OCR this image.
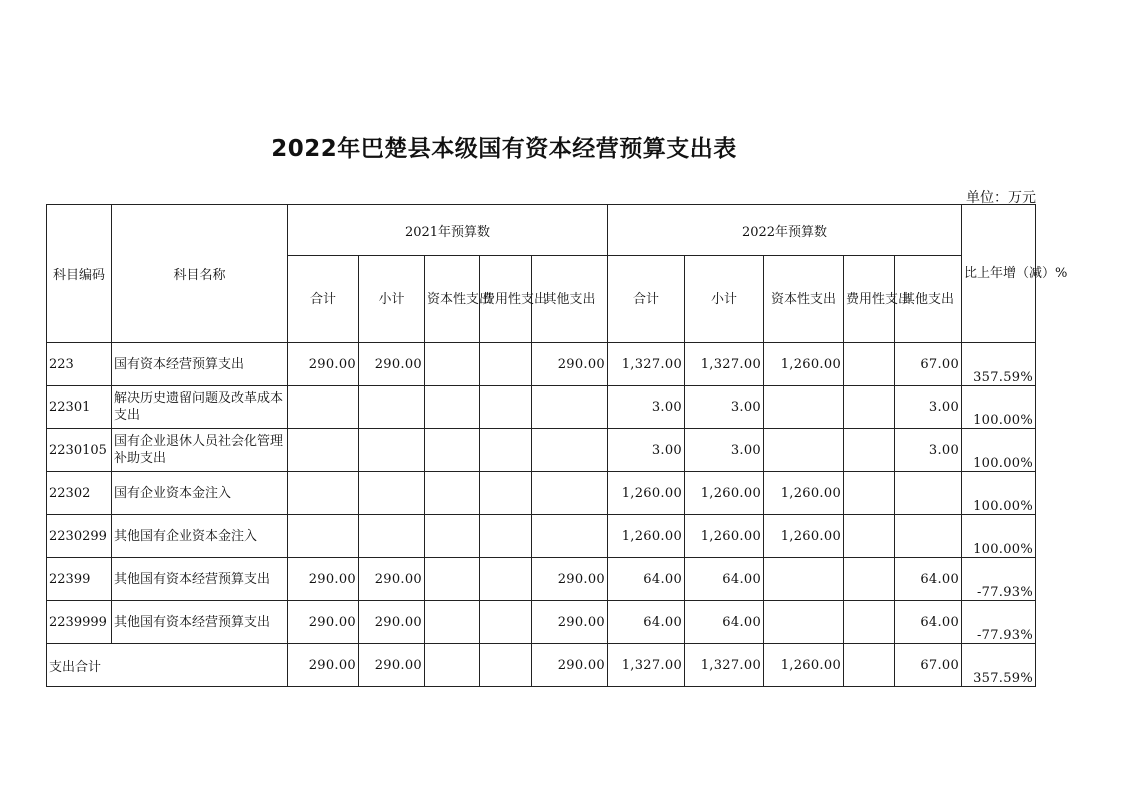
2022年巴楚县本级国有资本经营预算支出表
单位：万元
科目编码	科目名称	2021年预算数					2022年预算数					比上年增（减）%
		合计	小计	资本性支出	费用性支出	其他支出	合计	小计	资本性支出	费用性支出	其他支出	
223	国有资本经营预算支出	290.00	290.00			290.00	1,327.00	1,327.00	1,260.00		67.00	357.59%
22301	解决历史遗留问题及改革成本支出						3.00	3.00			3.00	100.00%
2230105	国有企业退休人员社会化管理补助支出						3.00	3.00			3.00	100.00%
22302	国有企业资本金注入						1,260.00	1,260.00	1,260.00			100.00%
2230299	其他国有企业资本金注入						1,260.00	1,260.00	1,260.00			100.00%
22399	其他国有资本经营预算支出	290.00	290.00			290.00	64.00	64.00			64.00	-77.93%
2239999	其他国有资本经营预算支出	290.00	290.00			290.00	64.00	64.00			64.00	-77.93%
支出合计		290.00	290.00			290.00	1,327.00	1,327.00	1,260.00		67.00	357.59%
